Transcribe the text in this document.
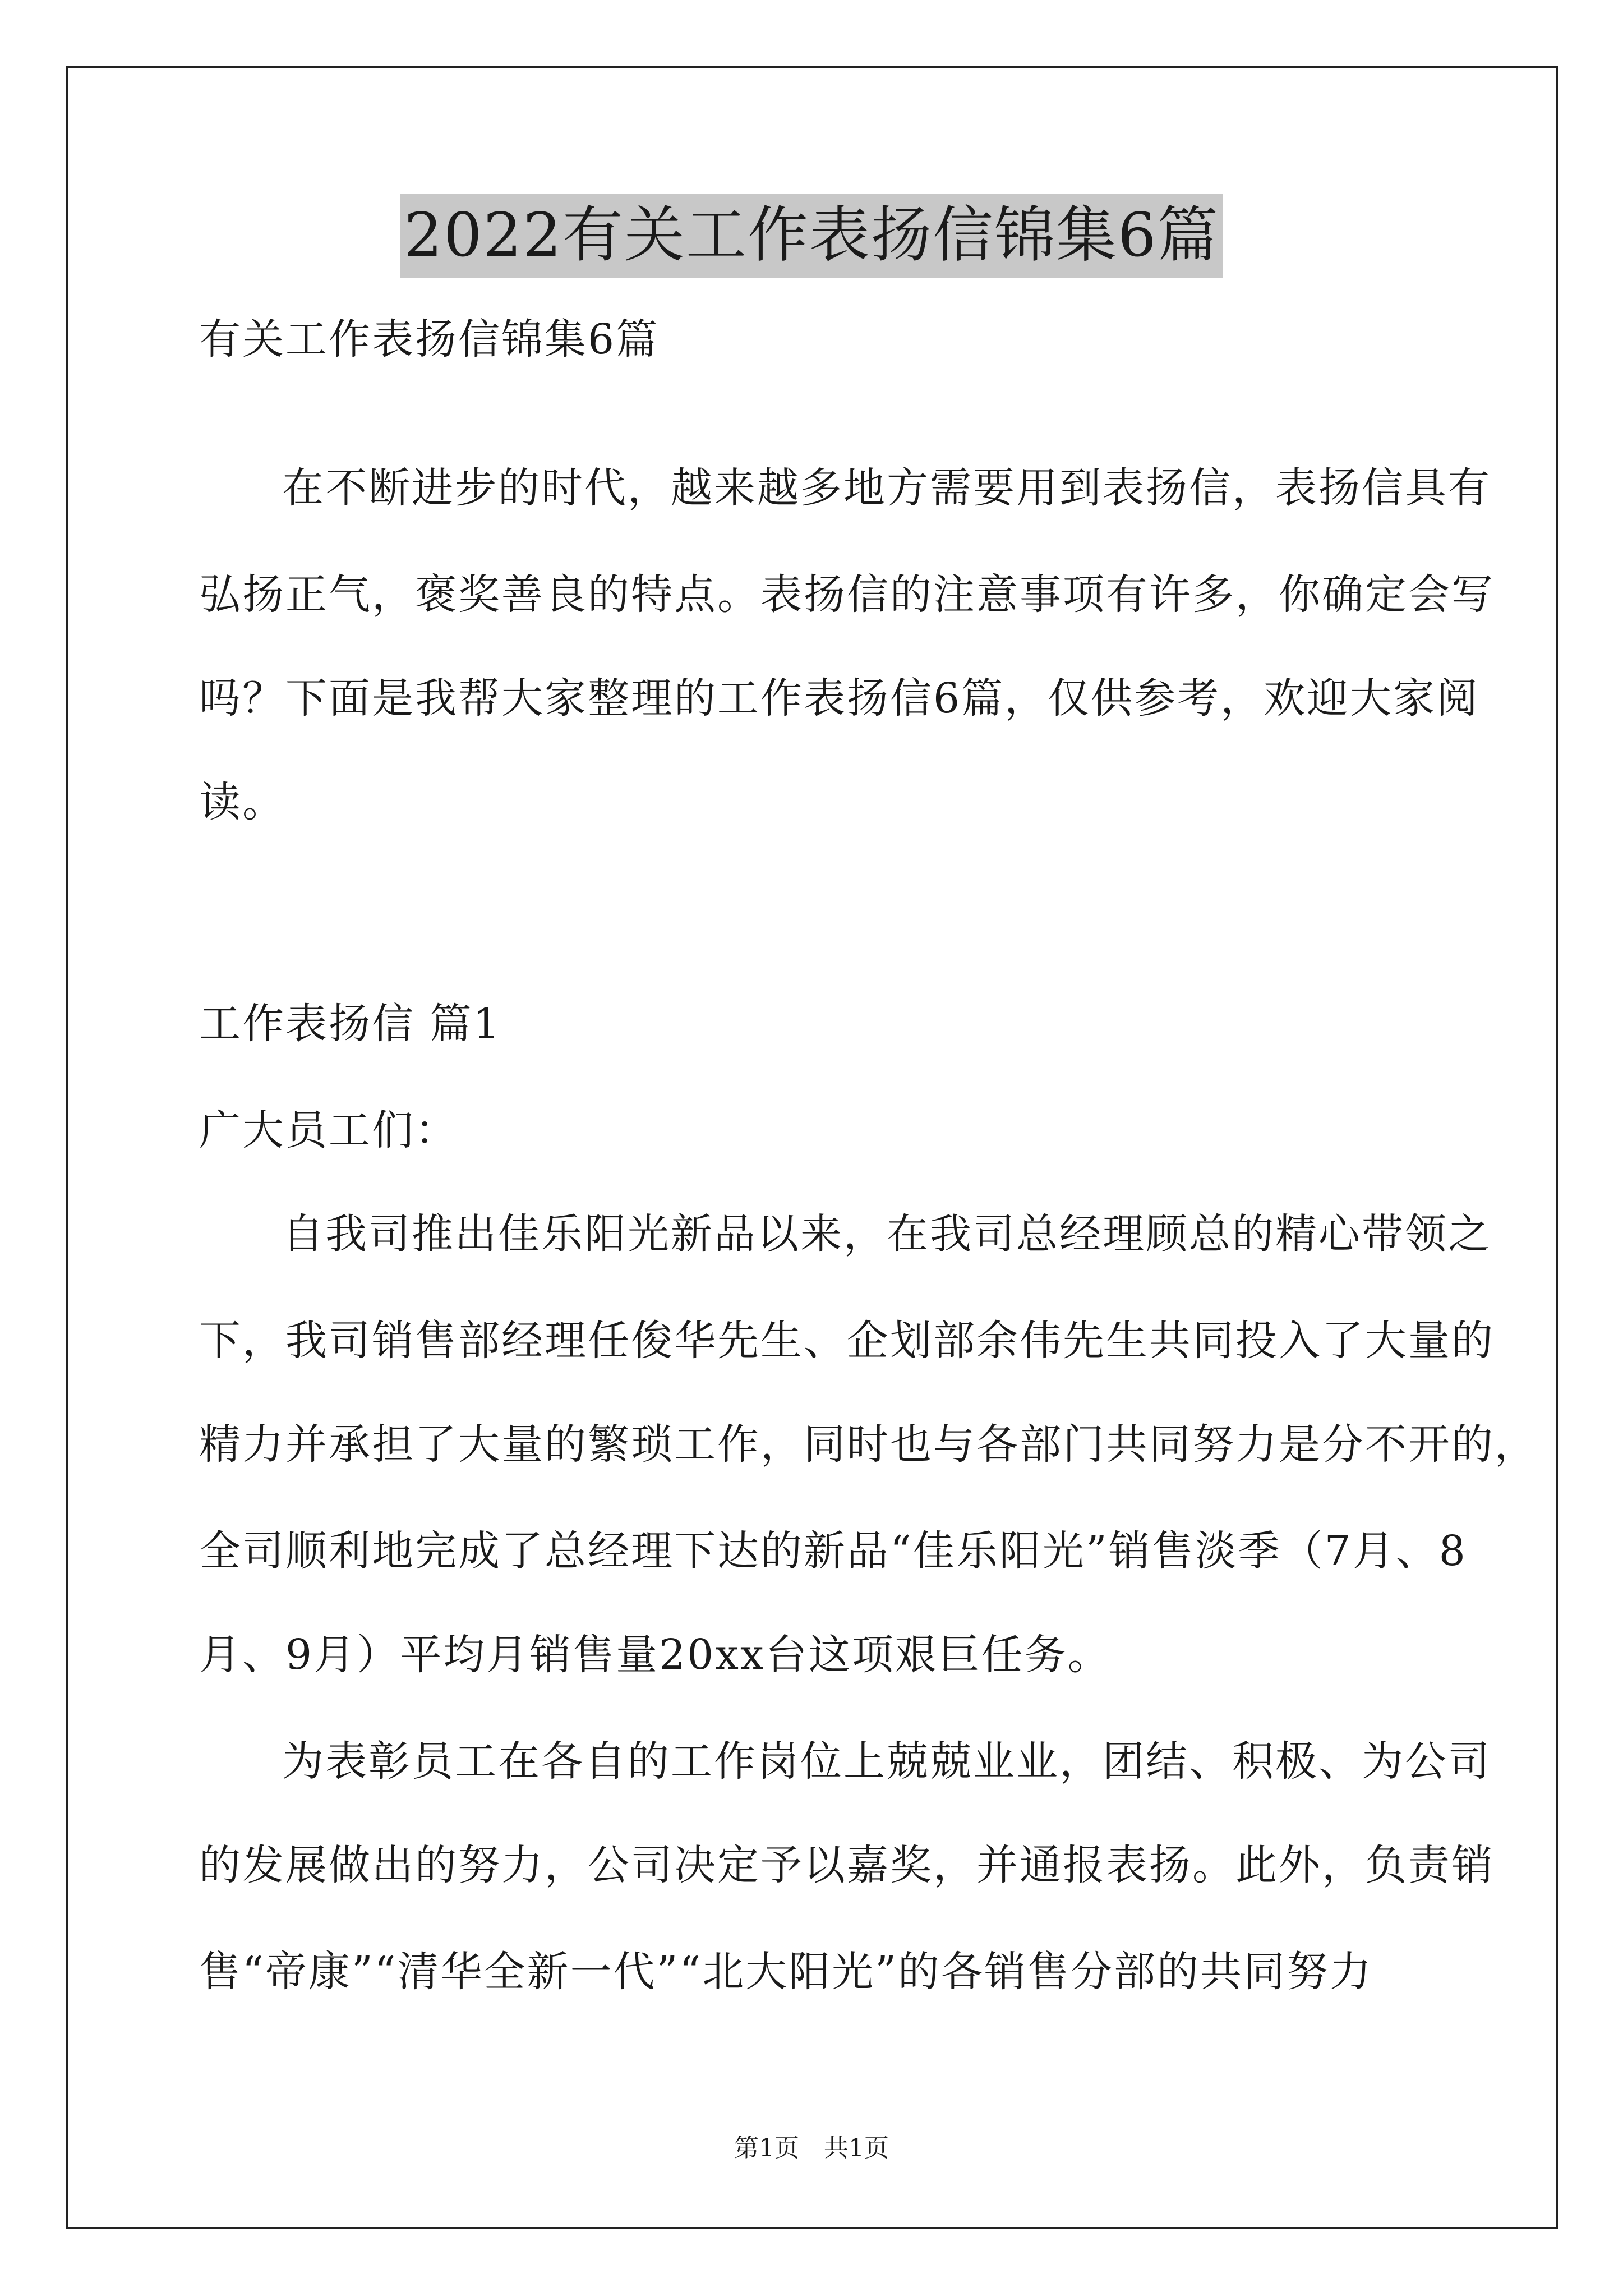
2022有关工作表扬信锦集6篇
有关工作表扬信锦集6篇
在不断进步的时代，越来越多地方需要用到表扬信，表扬信具有
弘扬正气，褒奖善良的特点。表扬信的注意事项有许多，你确定会写
吗？下面是我帮大家整理的工作表扬信6篇，仅供参考，欢迎大家阅
读。
工作表扬信 篇1
广大员工们：
自我司推出佳乐阳光新品以来，在我司总经理顾总的精心带领之
下，我司销售部经理任俊华先生、企划部余伟先生共同投入了大量的
精力并承担了大量的繁琐工作，同时也与各部门共同努力是分不开的，
全司顺利地完成了总经理下达的新品“佳乐阳光”销售淡季（7月、8
月、9月）平均月销售量20xx台这项艰巨任务。
为表彰员工在各自的工作岗位上兢兢业业，团结、积极、为公司
的发展做出的努力，公司决定予以嘉奖，并通报表扬。此外，负责销
售“帝康”“清华全新一代”“北大阳光”的各销售分部的共同努力
第1页　共1页
